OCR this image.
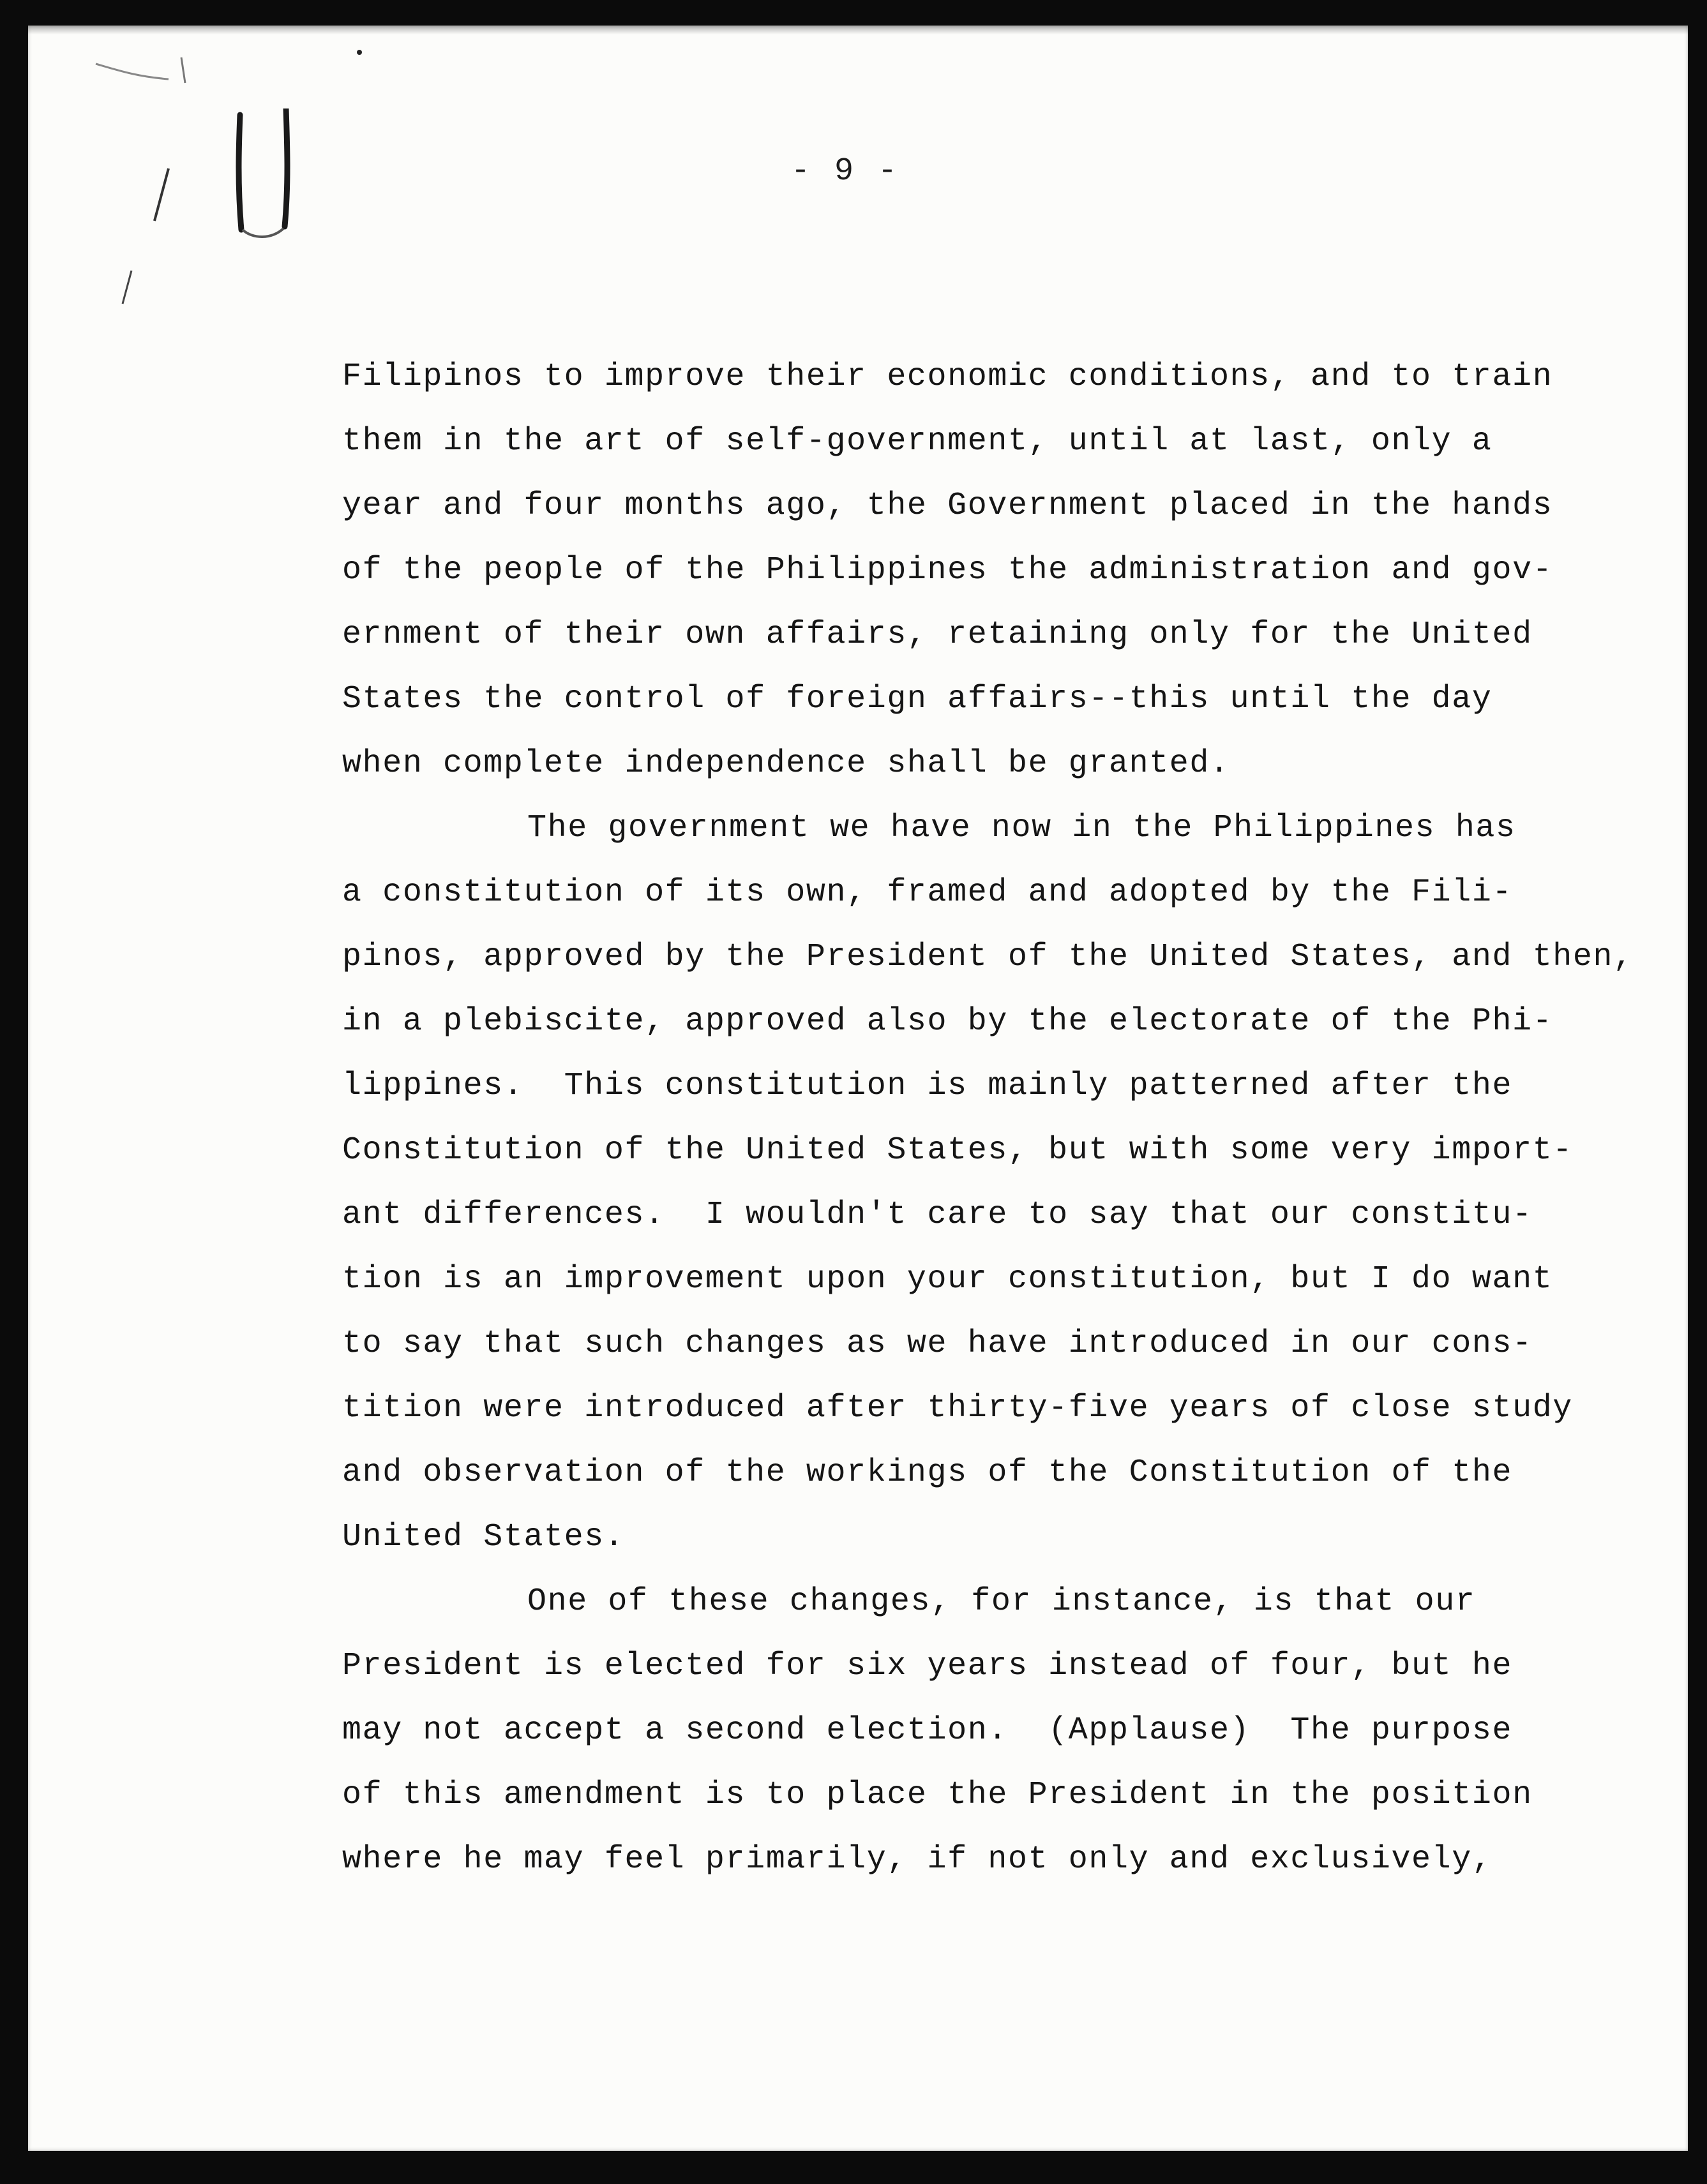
- 9 -
Filipinos to improve their economic conditions, and to train
them in the art of self-government, until at last, only a
year and four months ago, the Government placed in the hands
of the people of the Philippines the administration and gov-
ernment of their own affairs, retaining only for the United
States the control of foreign affairs--this until the day
when complete independence shall be granted.
The government we have now in the Philippines has
a constitution of its own, framed and adopted by the Fili-
pinos, approved by the President of the United States, and then,
in a plebiscite, approved also by the electorate of the Phi-
lippines.  This constitution is mainly patterned after the
Constitution of the United States, but with some very import-
ant differences.  I wouldn't care to say that our constitu-
tion is an improvement upon your constitution, but I do want
to say that such changes as we have introduced in our cons-
tition were introduced after thirty-five years of close study
and observation of the workings of the Constitution of the
United States.
One of these changes, for instance, is that our
President is elected for six years instead of four, but he
may not accept a second election.  (Applause)  The purpose
of this amendment is to place the President in the position
where he may feel primarily, if not only and exclusively,
